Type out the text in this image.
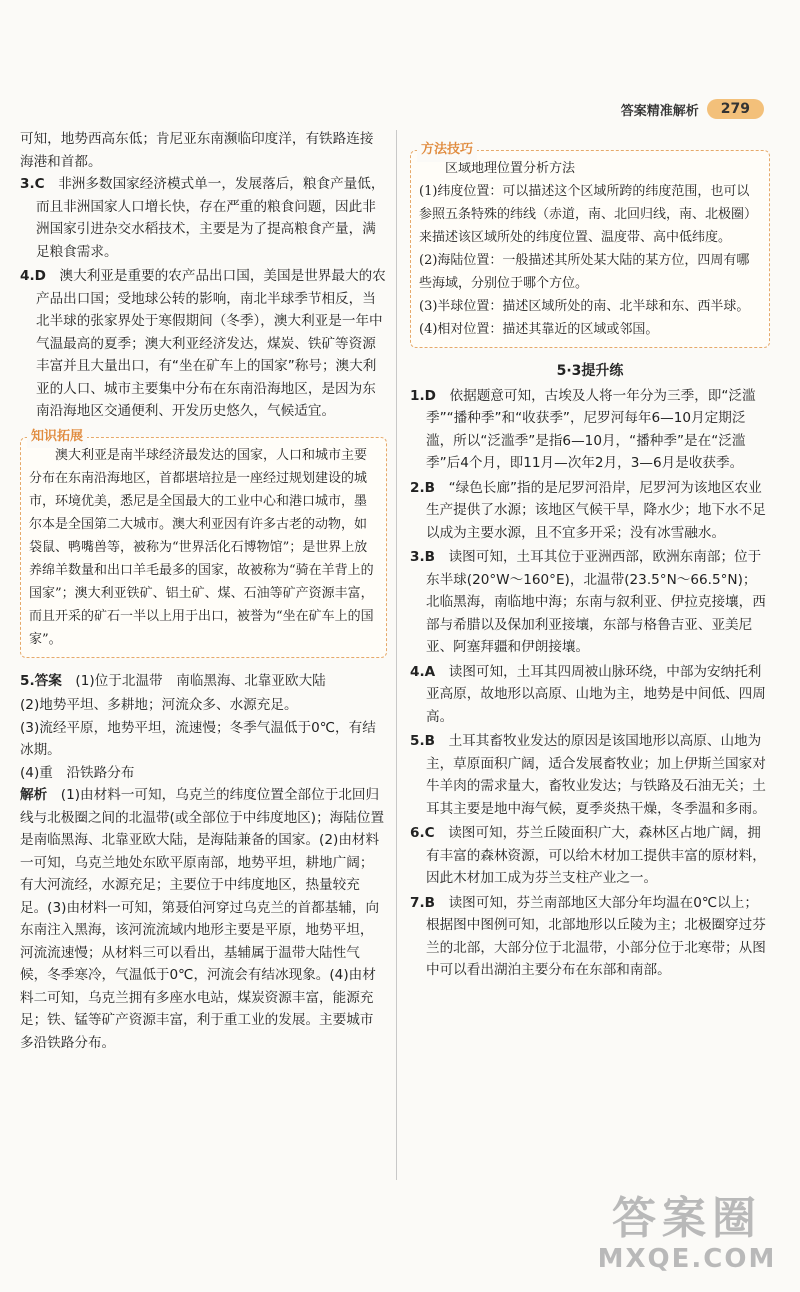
答案精准解析	279

可知，地势西高东低；肯尼亚东南濒临印度洋，有铁路连接海港和首都。

3.C　 非洲多数国家经济模式单一，发展落后，粮食产量低，而且非洲国家人口增长快，存在严重的粮食问题，因此非洲国家引进杂交水稻技术，主要是为了提高粮食产量，满足粮食需求。

4.D　 澳大利亚是重要的农产品出口国，美国是世界最大的农产品出口国；受地球公转的影响，南北半球季节相反，当北半球的张家界处于寒假期间（冬季），澳大利亚是一年中气温最高的夏季；澳大利亚经济发达，煤炭、铁矿等资源丰富并且大量出口，有“坐在矿车上的国家”称号；澳大利亚的人口、城市主要集中分布在东南沿海地区，是因为东南沿海地区交通便利、开发历史悠久，气候适宜。

知识拓展

澳大利亚是南半球经济最发达的国家，人口和城市主要分布在东南沿海地区，首都堪培拉是一座经过规划建设的城市，环境优美，悉尼是全国最大的工业中心和港口城市，墨尔本是全国第二大城市。澳大利亚因有许多古老的动物，如袋鼠、鸭嘴兽等，被称为“世界活化石博物馆”；是世界上放养绵羊数量和出口羊毛最多的国家，故被称为“骑在羊背上的国家”；澳大利亚铁矿、铝土矿、煤、石油等矿产资源丰富，而且开采的矿石一半以上用于出口，被誉为“坐在矿车上的国家”。

5.答案　 (1)位于北温带　南临黑海、北靠亚欧大陆

(2)地势平坦、多耕地；河流众多、水源充足。

(3)流经平原，地势平坦，流速慢；冬季气温低于0℃，有结冰期。

(4)重　沿铁路分布

解析　 (1)由材料一可知，乌克兰的纬度位置全部位于北回归线与北极圈之间的北温带(或全部位于中纬度地区)；海陆位置是南临黑海、北靠亚欧大陆，是海陆兼备的国家。(2)由材料一可知，乌克兰地处东欧平原南部，地势平坦，耕地广阔；有大河流经，水源充足；主要位于中纬度地区，热量较充足。(3)由材料一可知，第聂伯河穿过乌克兰的首都基辅，向东南注入黑海，该河流流域内地形主要是平原，地势平坦，河流流速慢；从材料三可以看出，基辅属于温带大陆性气候，冬季寒冷，气温低于0℃，河流会有结冰现象。(4)由材料二可知，乌克兰拥有多座水电站，煤炭资源丰富，能源充足；铁、锰等矿产资源丰富，利于重工业的发展。主要城市多沿铁路分布。

方法技巧

区域地理位置分析方法

(1)纬度位置：可以描述这个区域所跨的纬度范围，也可以参照五条特殊的纬线（赤道，南、北回归线，南、北极圈）来描述该区域所处的纬度位置、温度带、高中低纬度。

(2)海陆位置：一般描述其所处某大陆的某方位，四周有哪些海域，分别位于哪个方位。

(3)半球位置：描述区域所处的南、北半球和东、西半球。

(4)相对位置：描述其靠近的区域或邻国。

5·3提升练

1.D　 依据题意可知，古埃及人将一年分为三季，即“泛滥季”“播种季”和“收获季”，尼罗河每年6—10月定期泛滥，所以“泛滥季”是指6—10月，“播种季”是在“泛滥季”后4个月，即11月—次年2月，3—6月是收获季。

2.B　 “绿色长廊”指的是尼罗河沿岸，尼罗河为该地区农业生产提供了水源；该地区气候干旱，降水少；地下水不足以成为主要水源，且不宜多开采；没有冰雪融水。

3.B　 读图可知，土耳其位于亚洲西部，欧洲东南部；位于东半球(20°W～160°E)，北温带(23.5°N～66.5°N)；北临黑海，南临地中海；东南与叙利亚、伊拉克接壤，西部与希腊以及保加利亚接壤，东部与格鲁吉亚、亚美尼亚、阿塞拜疆和伊朗接壤。

4.A　 读图可知，土耳其四周被山脉环绕，中部为安纳托利亚高原，故地形以高原、山地为主，地势是中间低、四周高。

5.B　 土耳其畜牧业发达的原因是该国地形以高原、山地为主，草原面积广阔，适合发展畜牧业；加上伊斯兰国家对牛羊肉的需求量大，畜牧业发达；与铁路及石油无关；土耳其主要是地中海气候，夏季炎热干燥，冬季温和多雨。

6.C　 读图可知，芬兰丘陵面积广大，森林区占地广阔，拥有丰富的森林资源，可以给木材加工提供丰富的原材料，因此木材加工成为芬兰支柱产业之一。

7.B　 读图可知，芬兰南部地区大部分年均温在0℃以上；根据图中图例可知，北部地形以丘陵为主；北极圈穿过芬兰的北部，大部分位于北温带，小部分位于北寒带；从图中可以看出湖泊主要分布在东部和南部。

答案圈
MXQE.COM
